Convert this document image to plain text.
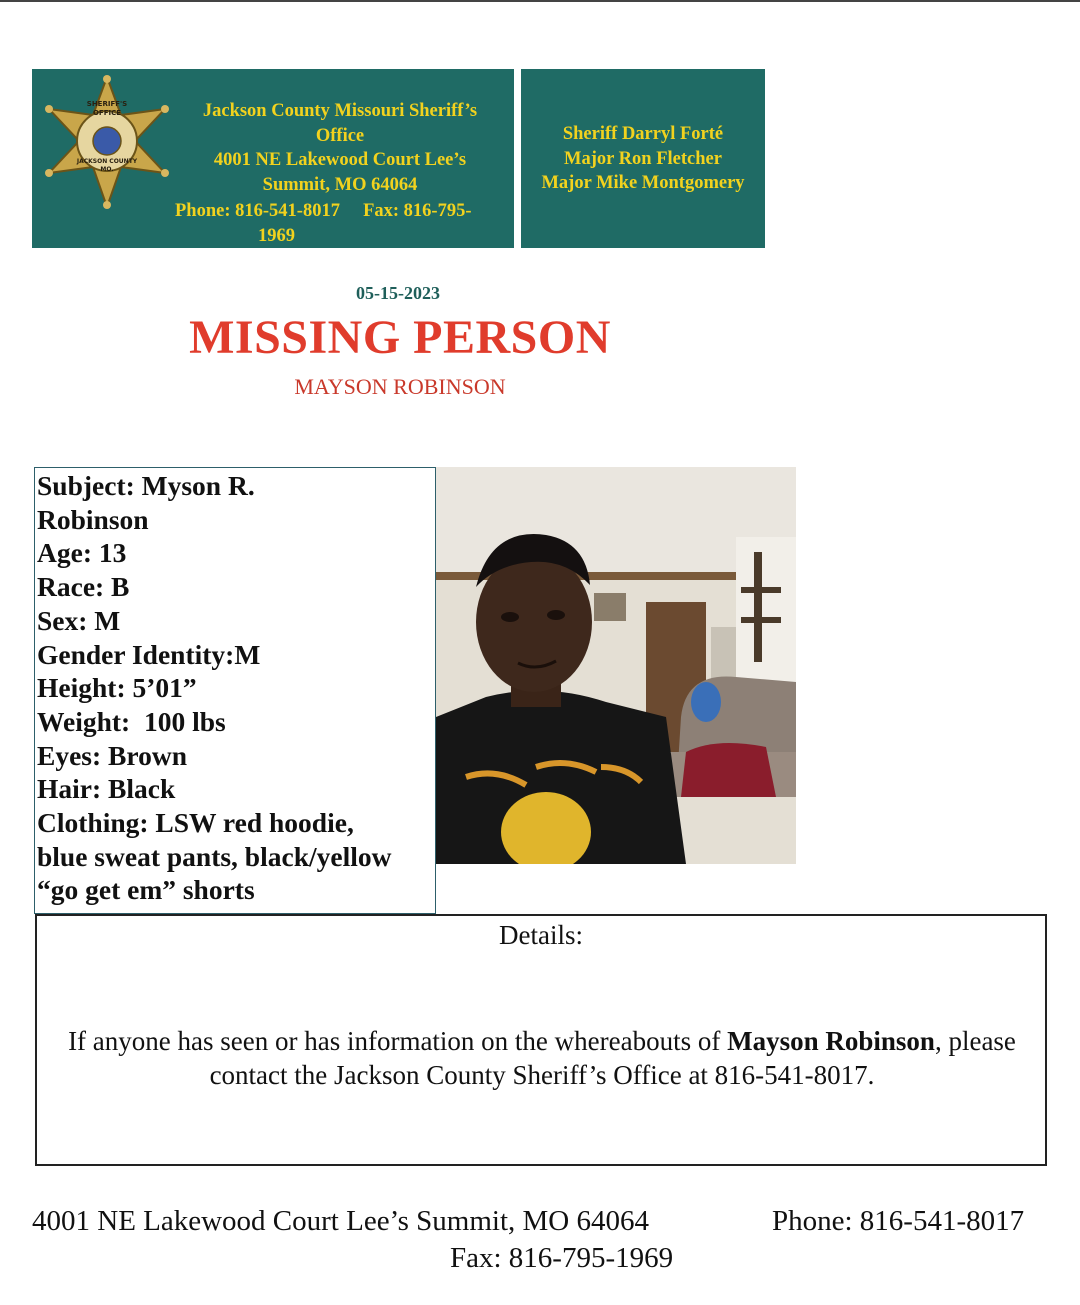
SHERIFF'S
OFFICE
JACKSON COUNTY
MO.
Jackson County Missouri Sheriff’s
Office
4001 NE Lakewood Court Lee’s
Summit, MO 64064
Phone: 816-541-8017     Fax: 816-795-
1969
Sheriff Darryl Forté
Major Ron Fletcher
Major Mike Montgomery
05-15-2023
MISSING PERSON
MAYSON ROBINSON
Subject: Myson R.
Robinson
Age: 13
Race: B
Sex: M
Gender Identity:M
Height: 5’01”
Weight:  100 lbs
Eyes: Brown
Hair: Black
Clothing: LSW red hoodie,
blue sweat pants, black/yellow
“go get em” shorts
Details:
If anyone has seen or has information on the whereabouts of Mayson Robinson, please contact the Jackson County Sheriff’s Office at 816-541-8017.
4001 NE Lakewood Court Lee’s Summit, MO 64064	Phone: 816-541-8017
Fax: 816-795-1969
